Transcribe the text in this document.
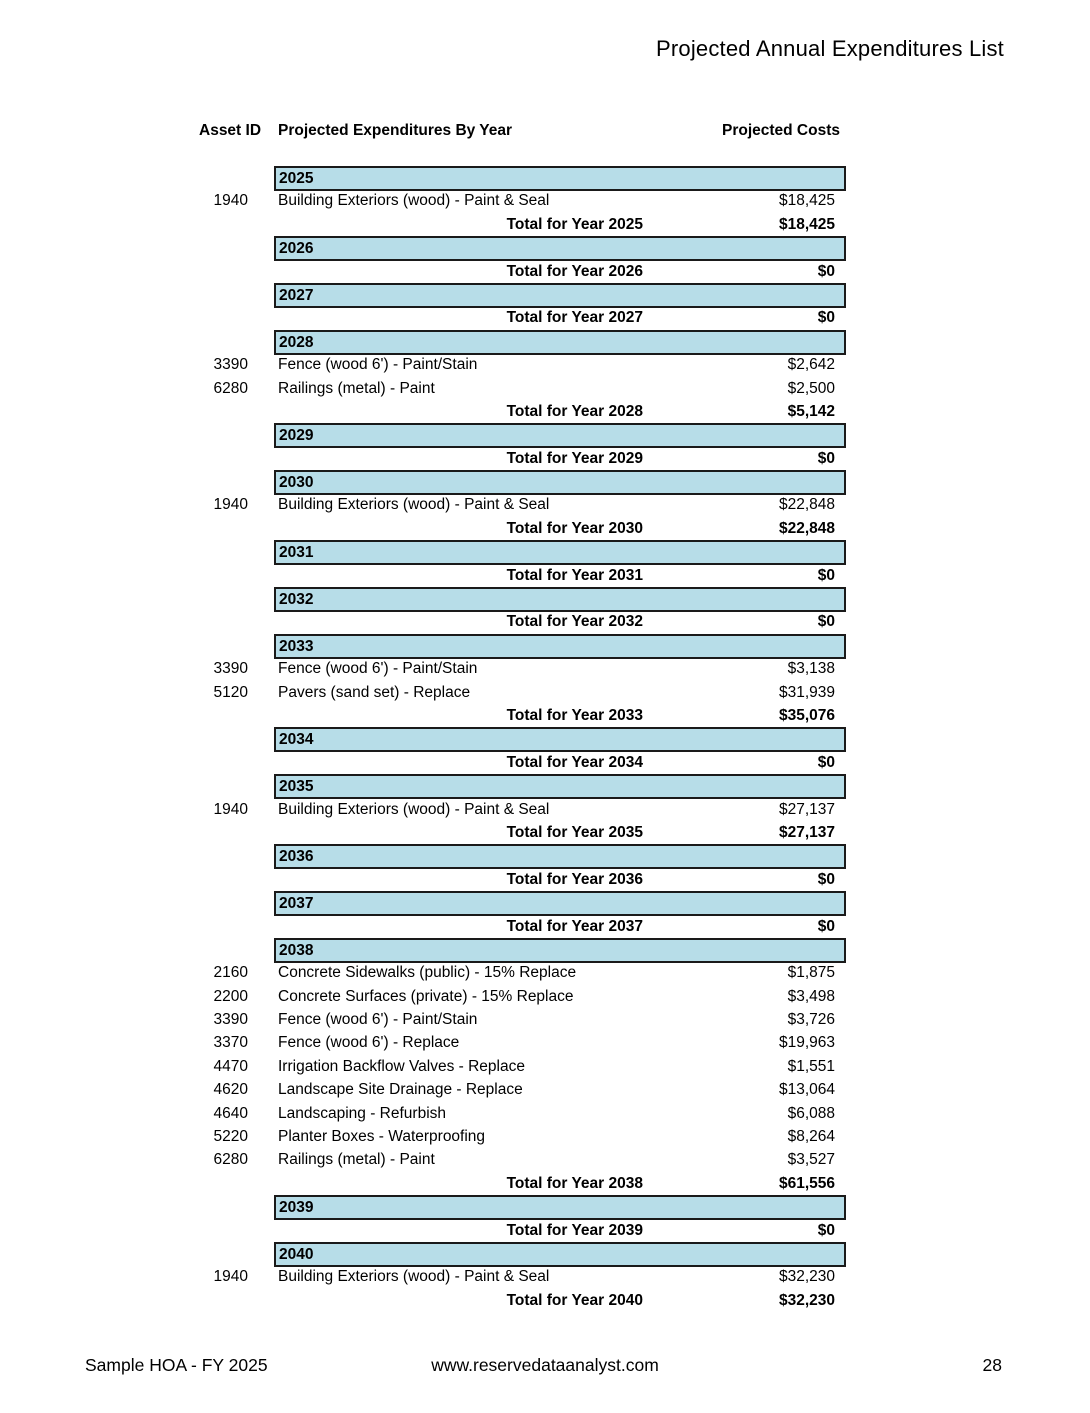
Projected Annual Expenditures List
Asset ID Projected Expenditures By Year	Projected Costs
2025
1940 Building Exteriors (wood) - Paint & Seal	$18,425
Total for Year 2025	$18,425
2026
Total for Year 2026	$0
2027
Total for Year 2027	$0
2028
3390 Fence (wood 6') - Paint/Stain	$2,642
6280 Railings (metal) - Paint	$2,500
Total for Year 2028	$5,142
2029
Total for Year 2029	$0
2030
1940 Building Exteriors (wood) - Paint & Seal	$22,848
Total for Year 2030	$22,848
2031
Total for Year 2031	$0
2032
Total for Year 2032	$0
2033
3390 Fence (wood 6') - Paint/Stain	$3,138
5120 Pavers (sand set) - Replace	$31,939
Total for Year 2033	$35,076
2034
Total for Year 2034	$0
2035
1940 Building Exteriors (wood) - Paint & Seal	$27,137
Total for Year 2035	$27,137
2036
Total for Year 2036	$0
2037
Total for Year 2037	$0
2038
2160 Concrete Sidewalks (public) - 15% Replace	$1,875
2200 Concrete Surfaces (private) - 15% Replace	$3,498
3390 Fence (wood 6') - Paint/Stain	$3,726
3370 Fence (wood 6') - Replace	$19,963
4470 Irrigation Backflow Valves - Replace	$1,551
4620 Landscape Site Drainage - Replace	$13,064
4640 Landscaping - Refurbish	$6,088
5220 Planter Boxes - Waterproofing	$8,264
6280 Railings (metal) - Paint	$3,527
Total for Year 2038	$61,556
2039
Total for Year 2039	$0
2040
1940 Building Exteriors (wood) - Paint & Seal	$32,230
Total for Year 2040	$32,230
Sample HOA - FY 2025	www.reservedataanalyst.com	28
